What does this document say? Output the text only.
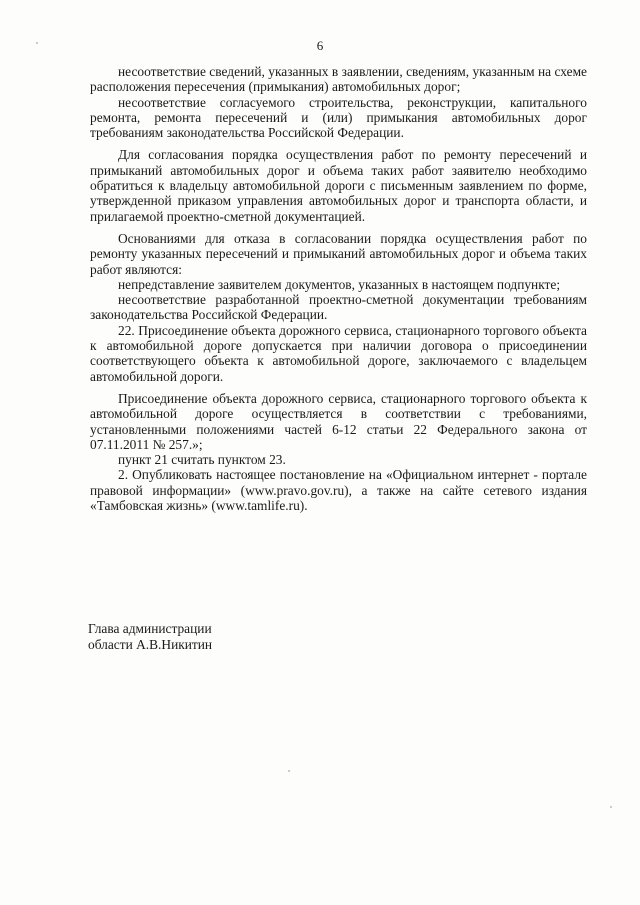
6

несоответствие сведений, указанных в заявлении, сведениям, указанным на схеме расположения пересечения (примыкания) автомобильных дорог;

несоответствие согласуемого строительства, реконструкции, капитального ремонта, ремонта пересечений и (или) примыкания автомобильных дорог требованиям законодательства Российской Федерации.

Для согласования порядка осуществления работ по ремонту пересечений и примыканий автомобильных дорог и объема таких работ заявителю необходимо обратиться к владельцу автомобильной дороги с письменным заявлением по форме, утвержденной приказом управления автомобильных дорог и транспорта области, и прилагаемой проектно-сметной документацией.

Основаниями для отказа в согласовании порядка осуществления работ по ремонту указанных пересечений и примыканий автомобильных дорог и объема таких работ являются:

непредставление заявителем документов, указанных в настоящем подпункте;

несоответствие разработанной проектно-сметной документации требованиям законодательства Российской Федерации.

22. Присоединение объекта дорожного сервиса, стационарного торгового объекта к автомобильной дороге допускается при наличии договора о присоединении соответствующего объекта к автомобильной дороге, заключаемого с владельцем автомобильной дороги.

Присоединение объекта дорожного сервиса, стационарного торгового объекта к автомобильной дороге осуществляется в соответствии с требованиями, установленными положениями частей 6-12 статьи 22 Федерального закона от 07.11.2011 № 257.»;

пункт 21 считать пунктом 23.

2. Опубликовать настоящее постановление на «Официальном интернет - портале правовой информации» (www.pravo.gov.ru), а также на сайте сетевого издания «Тамбовская жизнь» (www.tamlife.ru).

Глава администрации
области А.В.Никитин
